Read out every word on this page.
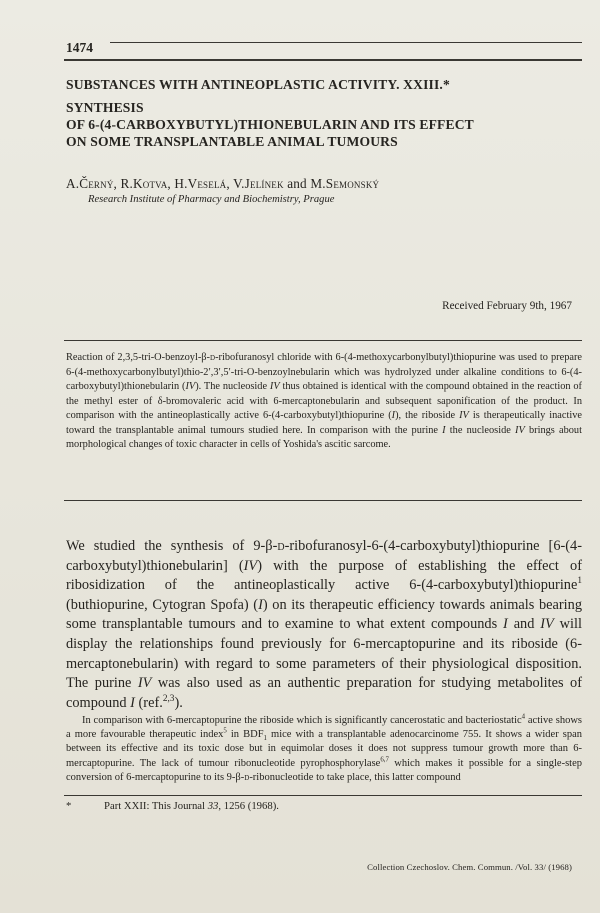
1474
SUBSTANCES WITH ANTINEOPLASTIC ACTIVITY. XXIII.*
SYNTHESIS
OF 6-(4-CARBOXYBUTYL)THIONEBULARIN AND ITS EFFECT
ON SOME TRANSPLANTABLE ANIMAL TUMOURS
A.Černý, R.Kotva, H.Veselá, V.Jelínek and M.Semonský
Research Institute of Pharmacy and Biochemistry, Prague
Received February 9th, 1967
Reaction of 2,3,5-tri-O-benzoyl-β-d-ribofuranosyl chloride with 6-(4-methoxycarbonylbutyl)thiopurine was used to prepare 6-(4-methoxycarbonylbutyl)thio-2′,3′,5′-tri-O-benzoylnebularin which was hydrolyzed under alkaline conditions to 6-(4-carboxybutyl)thionebularin (IV). The nucleoside IV thus obtained is identical with the compound obtained in the reaction of the methyl ester of δ-bromovaleric acid with 6-mercaptonebularin and subsequent saponification of the product. In comparison with the antineoplastically active 6-(4-carboxybutyl)thiopurine (I), the riboside IV is therapeutically inactive toward the transplantable animal tumours studied here. In comparison with the purine I the nucleoside IV brings about morphological changes of toxic character in cells of Yoshida's ascitic sarcome.
We studied the synthesis of 9-β-d-ribofuranosyl-6-(4-carboxybutyl)thiopurine [6-(4-carboxybutyl)thionebularin] (IV) with the purpose of establishing the effect of ribosidization of the antineoplastically active 6-(4-carboxybutyl)thiopurine$^1$ (buthiopurine, Cytogran Spofa) (I) on its therapeutic efficiency towards animals bearing some transplantable tumours and to examine to what extent compounds I and IV will display the relationships found previously for 6-mercaptopurine and its riboside (6-mercaptonebularin) with regard to some parameters of their physiological disposition. The purine IV was also used as an authentic preparation for studying metabolites of compound I (ref.$^{2,3}$).
In comparison with 6-mercaptopurine the riboside which is significantly cancerostatic and bacteriostatic$^4$ active shows a more favourable therapeutic index$^5$ in $BDF_1$ mice with a transplantable adenocarcinome 755. It shows a wider span between its effective and its toxic dose but in equimolar doses it does not suppress tumour growth more than 6-mercaptopurine. The lack of tumour ribonucleotide pyrophosphorylase$^{6,7}$ which makes it possible for a single-step conversion of 6-mercaptopurine to its 9-β-d-ribonucleotide to take place, this latter compound
*	Part XXII: This Journal 33, 1256 (1968).
Collection Czechoslov. Chem. Commun. /Vol. 33/ (1968)
